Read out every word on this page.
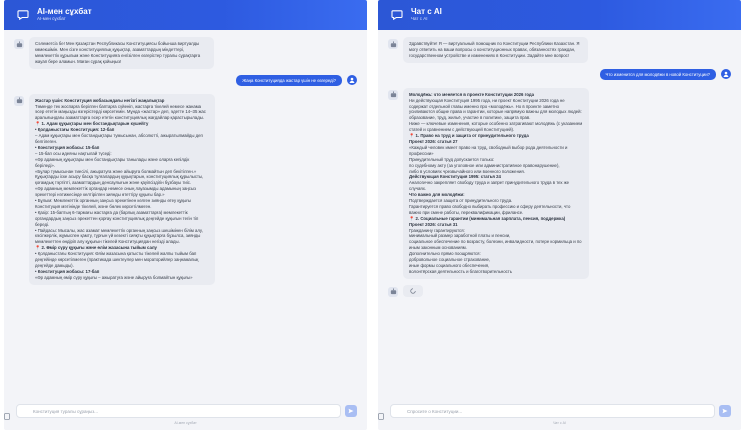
AI-мен сұхбат
AI-мен сұхбат
Сәлеметсіз бе! Мен Қазақстан Республикасы Конституциясы бойынша виртуалды көмекшімін. Мен сізге конституциялық құқықтар, азаматтардың міндеттері, мемлекеттік құрылым және Конституцияға енгізілген өзгерістер туралы сұрақтарға жауап бере аламын. Маған сұрақ қойыңыз!
Жаңа Конституцияда жастар үшін не өзгереді?

Жастар үшін: Конституция жобасындағы негізгі жаңалықтар

Төменде тек жоспарға берілген баптарға сүйеніп, жастарға тікелей немесе жанама әсер ететін маңызды өзгерістерді көрсетемін. Мұнда «жастар» деп, әдетте 14–35 жас аралығындағы азаматтарға әсер ететін конституциялық жағдайлар қарастырылады.

📍 1. Адам құқықтары мен бостандықтарын күшейту

• Қолданыстағы Конституция: 12-бап

– Адам құқықтары мен бостандықтары тумысынан, абсолютті, ажыратылмайды деп белгілеген.

• Конституция жобасы: 15-бап

– 15-бап осы идеяны нақтылай түседі:

«Әр адамның құқықтары мен бостандықтары танылады және оларға кепілдік беріледі».

«Бұлар тумысынан тиесілі, ажыратуға және айыруға болмайтын деп бекітілген.»

Құқықтарды іске асыру басқа тұлғалардың құқықтарын, конституциялық құрылысты, қоғамдық тәртіпті, азаматтардың денсаулығын және қауіпсіздігін бұзбауы тиіс.

«Әр адамның мемлекеттік органдар немесе оның лауазымды адамының заңсыз әрекеттері нәтижесінде келтірілген зиянды өтеттіру құқығы бар.»

• Бұлым: Мемлекеттік органның заңсыз әрекетінен келген зиянды өтеу құқығы Конституция мәтінінде тікелей, және бөлек көрсетілмеген.

• Қазір: 15-баптың 6-тармағы жастарға да (барлық азаматтарға) мемлекеттік органдардың заңсыз әрекеттен қорғау конституциялық деңгейде құқығын тегін тіп береді.

• Пайдасы: Мысалы, жас азамат мемлекеттік органның заңсыз шешімінен білім алу, кәсіпкерлік, жұмыспен қамту, тұрғын үй кезекті сияқты құқықтарға бұзылса, зиянды мемлекеттен өндіріп алу құқығын тікелей Конституциядан негізді алады.

📍 2. Өмір сүру құқығы және өлім жазасына тыйым салу

• Қолданыстағы Конституция: Өлім жазасына қатысты тікелей жалпы тыйым бап деңгейінде көрсетілмеген (практикада шектеулер мен мораторийлер заңнамалық деңгейде дамыды).

• Конституция жобасы: 17-бап

«Әр адамның өмір сүру құқығы – ажыратуға және айыруға болмайтын құқығы»

Конституция туралы сұраңыз...
AI-мен сұхбат
Чат с AI
Чат с AI
Здравствуйте! Я — виртуальный помощник по Конституции Республики Казахстан. Я могу ответить на ваши вопросы о конституционных правах, обязанностях граждан, государственном устройстве и изменениях в Конституции. Задайте мне вопрос!
Что изменится для молодёжи в новой Конституции?

Молодёжь: что меняется в проекте Конституции 2026 года

Ни действующая Конституция 1995 года, ни проект Конституции 2026 года не содержат отдельной главы именно про «молодёжь». Но в проекте заметно усиливаются общие права и гарантии, которые напрямую важны для молодых людей: образование, труд, жильё, участие в политике, защита прав.

Ниже — ключевые изменения, которые особенно затрагивают молодёжь (с указанием статей и сравнением с действующей Конституцией).

📍 1. Право на труд и защита от принудительного труда

Проект 2026: статья 27

«Каждый человек имеет право на труд, свободный выбор рода деятельности и профессии»

Принудительный труд допускается только:

по судебному акту (за уголовное или административное правонарушение),

либо в условиях чрезвычайного или военного положения.

Действующая Конституция 1995: статья 24

Аналогично закрепляет свободу труда и запрет принудительного труда в тех же случаях.

Что важно для молодёжи:

Подтверждается защита от принудительного труда.

Гарантируется право свободно выбирать профессию и сферу деятельности, что важно при смене работы, переквалификации, фрилансе.

📍 2. Социальные гарантии (минимальная зарплата, пенсия, поддержка)

Проект 2026: статья 31

Гражданину гарантируются:

минимальный размер заработной платы и пенсии,

социальное обеспечение по возрасту, болезни, инвалидности, потере кормильца и по иным законным основаниям.

Дополнительно прямо поощряются:

добровольное социальное страхование,

иные формы социального обеспечения,

волонтёрская деятельность и благотворительность

Спросите о Конституции...
Чат с AI
